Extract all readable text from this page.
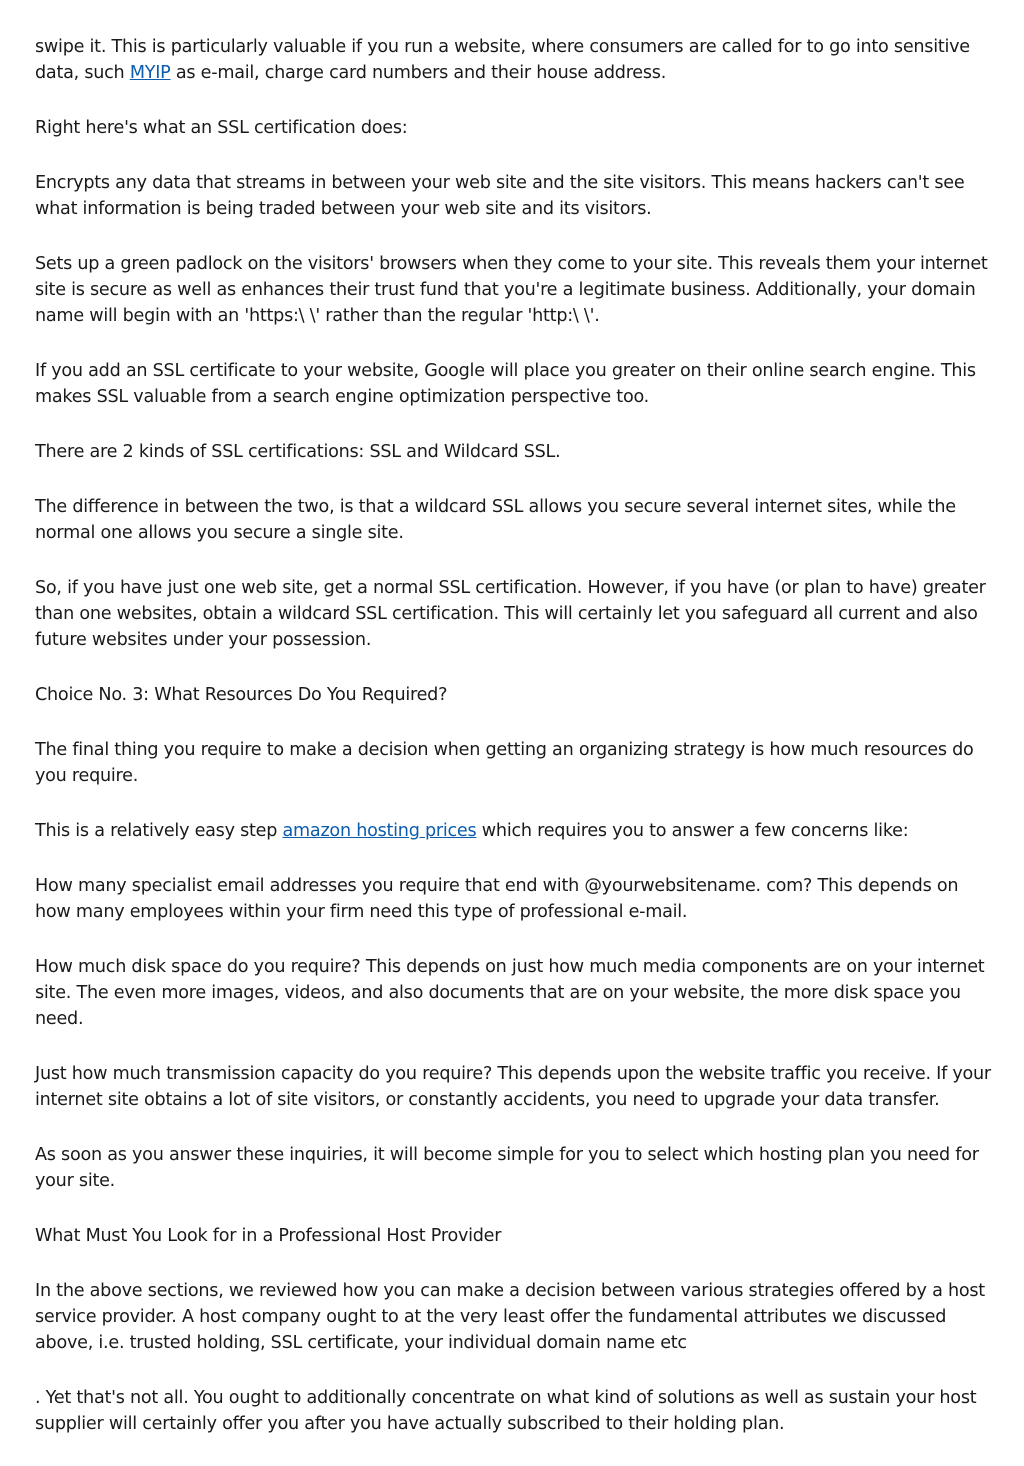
swipe it. This is particularly valuable if you run a website, where consumers are called for to go into sensitive data, such MYIP as e-mail, charge card numbers and their house address.

Right here's what an SSL certification does:

Encrypts any data that streams in between your web site and the site visitors. This means hackers can't see what information is being traded between your web site and its visitors.

Sets up a green padlock on the visitors' browsers when they come to your site. This reveals them your internet site is secure as well as enhances their trust fund that you're a legitimate business. Additionally, your domain name will begin with an 'https:\ \' rather than the regular 'http:\ \'.

If you add an SSL certificate to your website, Google will place you greater on their online search engine. This makes SSL valuable from a search engine optimization perspective too.

There are 2 kinds of SSL certifications: SSL and Wildcard SSL.

The difference in between the two, is that a wildcard SSL allows you secure several internet sites, while the normal one allows you secure a single site.

So, if you have just one web site, get a normal SSL certification. However, if you have (or plan to have) greater than one websites, obtain a wildcard SSL certification. This will certainly let you safeguard all current and also future websites under your possession.

Choice No. 3: What Resources Do You Required?

The final thing you require to make a decision when getting an organizing strategy is how much resources do you require.

This is a relatively easy step amazon hosting prices which requires you to answer a few concerns like:

How many specialist email addresses you require that end with @yourwebsitename. com? This depends on how many employees within your firm need this type of professional e-mail.

How much disk space do you require? This depends on just how much media components are on your internet site. The even more images, videos, and also documents that are on your website, the more disk space you need.

Just how much transmission capacity do you require? This depends upon the website traffic you receive. If your internet site obtains a lot of site visitors, or constantly accidents, you need to upgrade your data transfer.

As soon as you answer these inquiries, it will become simple for you to select which hosting plan you need for your site.

What Must You Look for in a Professional Host Provider

In the above sections, we reviewed how you can make a decision between various strategies offered by a host service provider. A host company ought to at the very least offer the fundamental attributes we discussed above, i.e. trusted holding, SSL certificate, your individual domain name etc

. Yet that's not all. You ought to additionally concentrate on what kind of solutions as well as sustain your host supplier will certainly offer you after you have actually subscribed to their holding plan.
